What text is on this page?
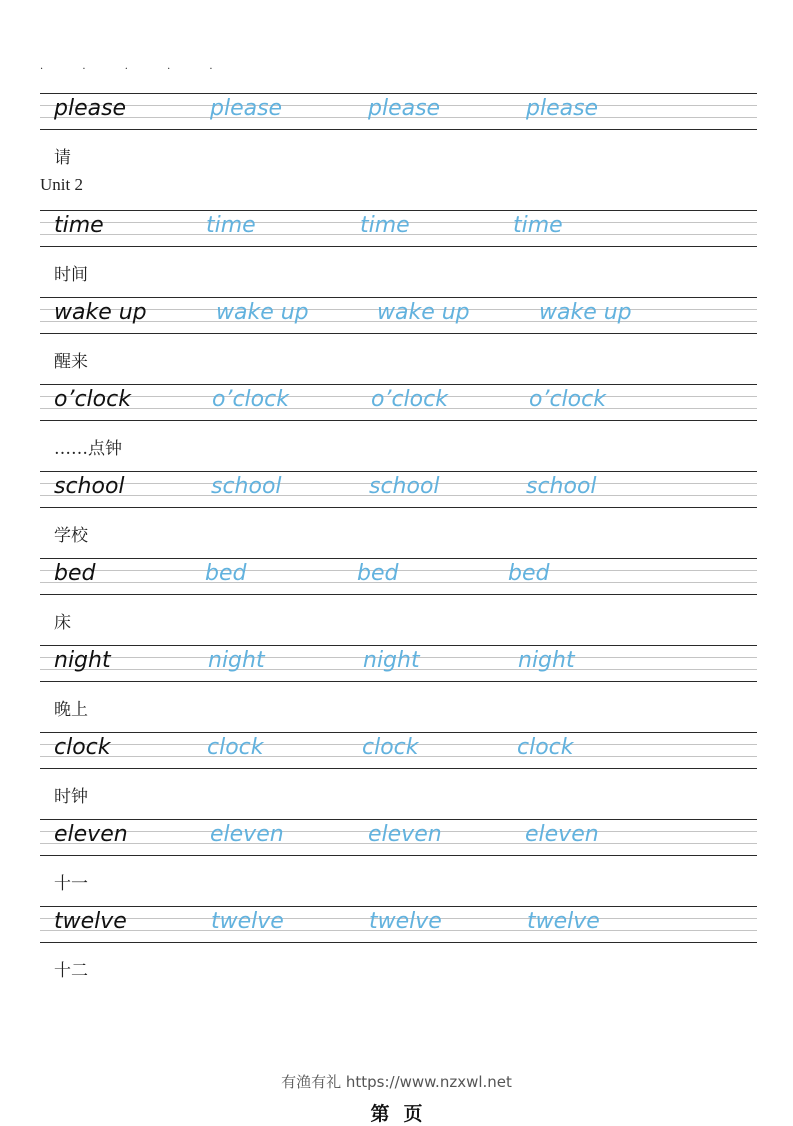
· · · · ·
Unit 2
please	please	please	please
time	time	time	time
wake up	wake up	wake up	wake up
o’clock	o’clock	o’clock	o’clock
school	school	school	school
bed	bed	bed	bed
night	night	night	night
clock	clock	clock	clock
eleven	eleven	eleven	eleven
twelve	twelve	twelve	twelve
有渔有礼 https://www.nzxwl.net
第 页
请
时间
醒来
……点钟
学校
床
晚上
时钟
十一
十二
